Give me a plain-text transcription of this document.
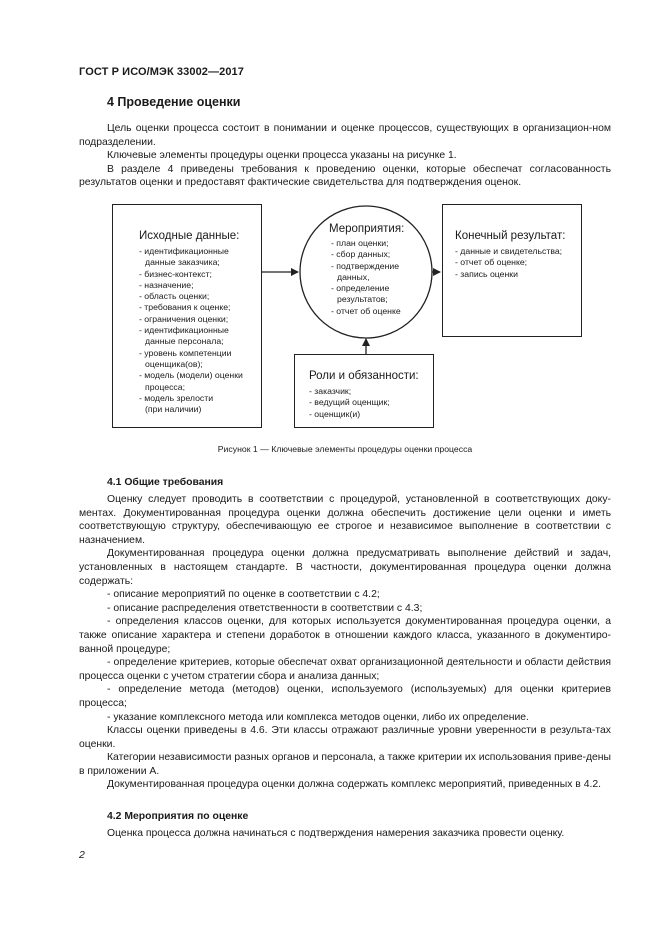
ГОСТ Р ИСО/МЭК 33002—2017
4 Проведение оценки
Цель оценки процесса состоит в понимании и оценке процессов, существующих в организацион-ном подразделении.
Ключевые элементы процедуры оценки процесса указаны на рисунке 1.
В разделе 4 приведены требования к проведению оценки, которые обеспечат согласованность результатов оценки и предоставят фактические свидетельства для подтверждения оценок.
Исходные данные:
- идентификационные
данные заказчика;
- бизнес-контекст;
- назначение;
- область оценки;
- требования к оценке;
- ограничения оценки;
- идентификационные
данные персонала;
- уровень компетенции
оценщика(ов);
- модель (модели) оценки
процесса;
- модель зрелости
(при наличии)
Мероприятия:
- план оценки;
- сбор данных;
- подтверждение
данных,
- определение
результатов;
- отчет об оценке
Конечный результат:
- данные и свидетельства;
- отчет об оценке;
- запись оценки
Роли и обязанности:
- заказчик;
- ведущий оценщик;
- оценщик(и)
Рисунок 1 — Ключевые элементы процедуры оценки процесса
4.1 Общие требования
Оценку следует проводить в соответствии с процедурой, установленной в соответствующих доку-ментах. Документированная процедура оценки должна обеспечить достижение цели оценки и иметь соответствующую структуру, обеспечивающую ее строгое и независимое выполнение в соответствии с назначением.
Документированная процедура оценки должна предусматривать выполнение действий и задач, установленных в настоящем стандарте. В частности, документированная процедура оценки должна содержать:
- описание мероприятий по оценке в соответствии с 4.2;
- описание распределения ответственности в соответствии с 4.3;
- определения классов оценки, для которых используется документированная процедура оценки, а также описание характера и степени доработок в отношении каждого класса, указанного в документиро-ванной процедуре;
- определение критериев, которые обеспечат охват организационной деятельности и области действия процесса оценки с учетом стратегии сбора и анализа данных;
- определение метода (методов) оценки, используемого (используемых) для оценки критериев процесса;
- указание комплексного метода или комплекса методов оценки, либо их определение.
Классы оценки приведены в 4.6. Эти классы отражают различные уровни уверенности в результа-тах оценки.
Категории независимости разных органов и персонала, а также критерии их использования приве-дены в приложении А.
Документированная процедура оценки должна содержать комплекс мероприятий, приведенных в 4.2.
4.2 Мероприятия по оценке
Оценка процесса должна начинаться с подтверждения намерения заказчика провести оценку.
2
